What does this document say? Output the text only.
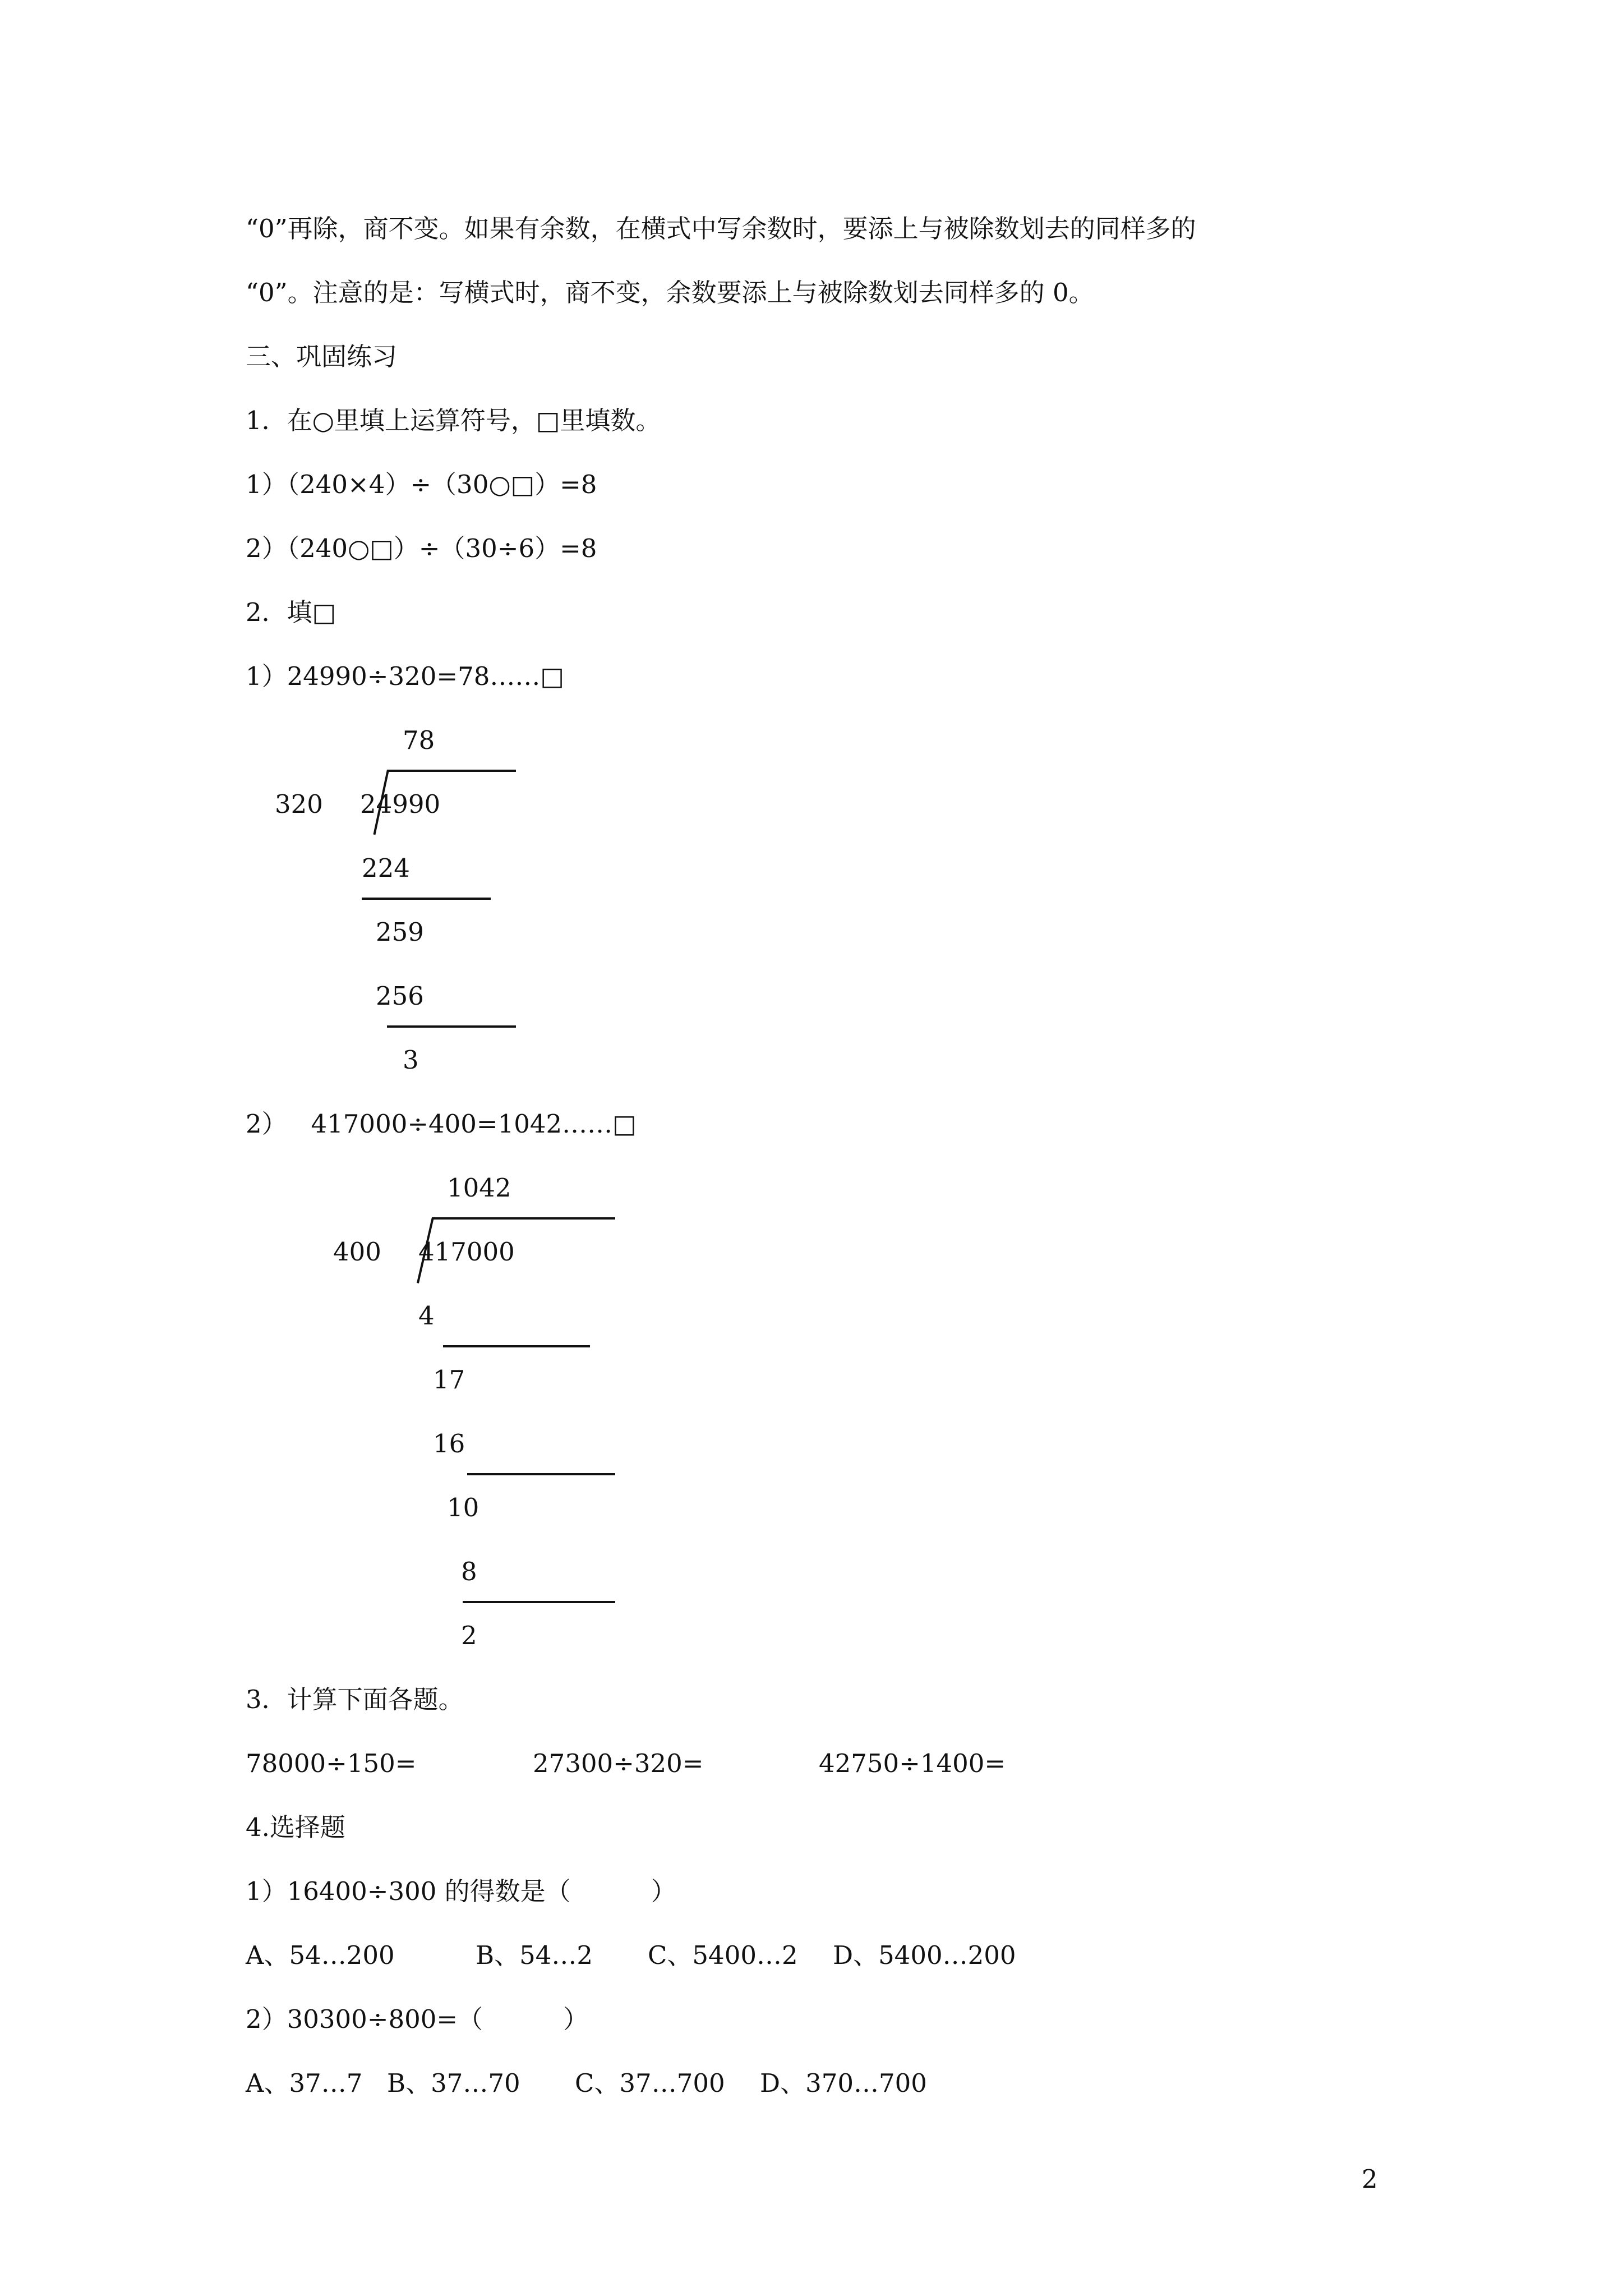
“0”再除，商不变。如果有余数，在横式中写余数时，要添上与被除数划去的同样多的
“0”。注意的是：写横式时，商不变，余数要添上与被除数划去同样多的 0。
三、巩固练习
1．在○里填上运算符号，□里填数。
1）（240×4）÷（30○□）=8
2）（240○□）÷（30÷6）=8
2．填□
1）24990÷320=78……□
78
320 24990
224
259
256
3
2）   417000÷400=1042……□
1042
400 417000
4
17
16
10
8
2
3．计算下面各题。
78000÷150=	27300÷320=	42750÷1400=
4.选择题
1）16400÷300 的得数是（          ）
A、54…200	B、54…2 C、5400…2 D、5400…200
2）30300÷800=（          ）
A、37…7 B、37…70 C、37…700 D、370…700
2
